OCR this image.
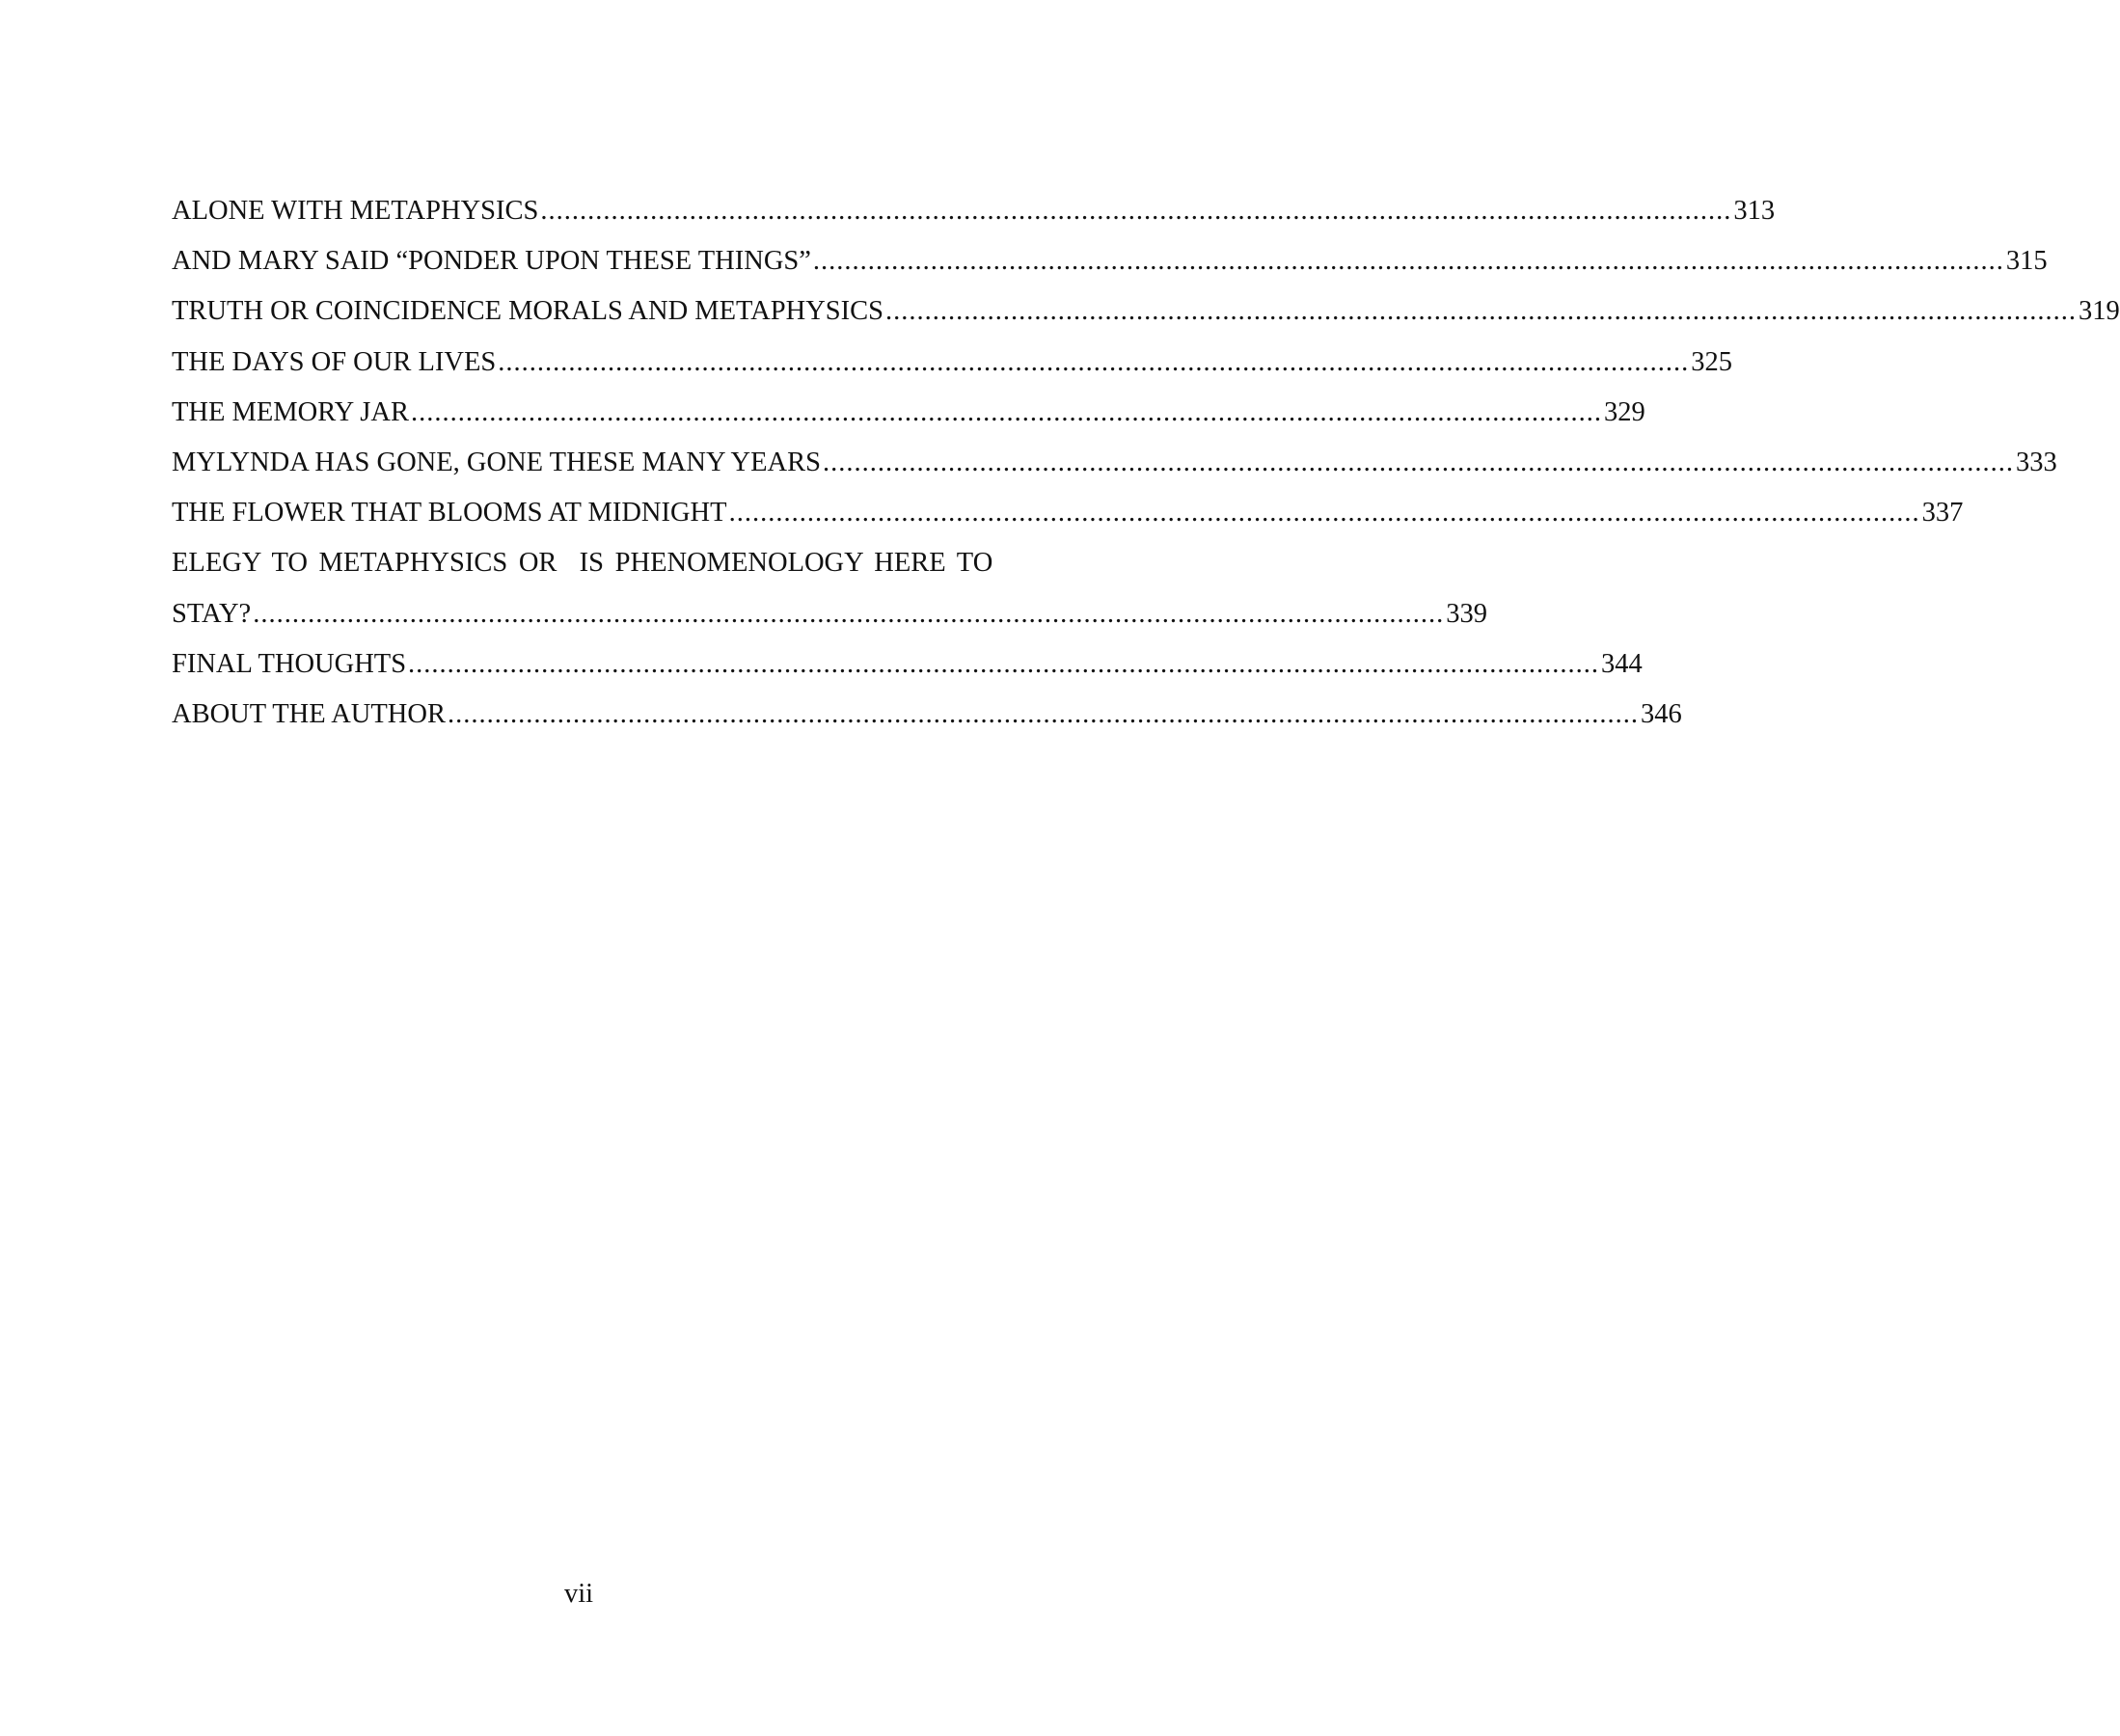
ALONE WITH METAPHYSICS ........................................................................................................................................................ 313
AND MARY SAID “PONDER UPON THESE THINGS” ........................................................................................................................................................ 315
TRUTH OR COINCIDENCE MORALS AND METAPHYSICS ........................................................................................................................................................ 319
THE DAYS OF OUR LIVES ........................................................................................................................................................ 325
THE MEMORY JAR ........................................................................................................................................................ 329
MYLYNDA HAS GONE, GONE THESE MANY YEARS ........................................................................................................................................................ 333
THE FLOWER THAT BLOOMS AT MIDNIGHT ........................................................................................................................................................ 337
ELEGY TO METAPHYSICS OR  IS PHENOMENOLOGY HERE TO
STAY? ........................................................................................................................................................ 339
FINAL THOUGHTS ........................................................................................................................................................ 344
ABOUT THE AUTHOR ........................................................................................................................................................ 346
vii
